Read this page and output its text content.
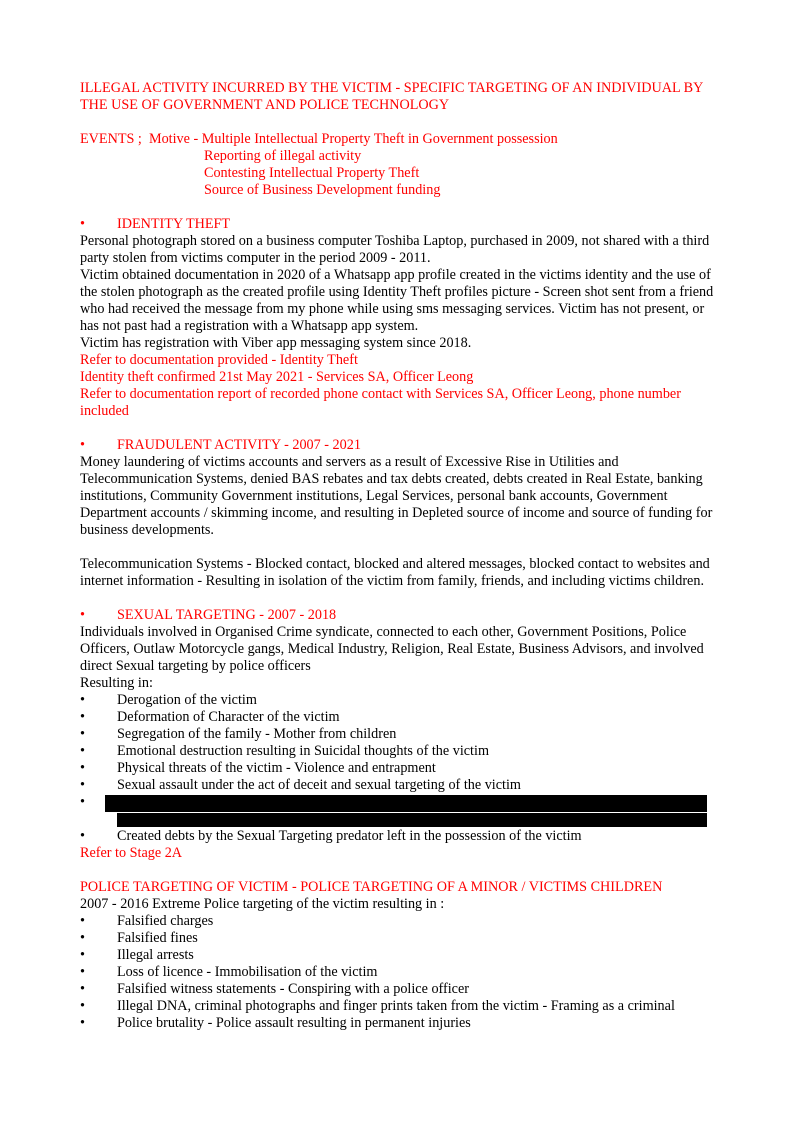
ILLEGAL ACTIVITY INCURRED BY THE VICTIM - SPECIFIC TARGETING OF AN INDIVIDUAL BY THE USE OF GOVERNMENT AND POLICE TECHNOLOGY
EVENTS ;
Motive -
Multiple Intellectual Property Theft in Government possession
Reporting of illegal activity
Contesting Intellectual Property Theft
Source of Business Development funding
•	IDENTITY THEFT

Personal photograph stored on a business computer Toshiba Laptop, purchased in 2009, not shared with a third party stolen from victims computer in the period 2009 - 2011.

Victim obtained documentation in 2020 of a Whatsapp app profile created in the victims identity and the use of the stolen photograph as the created profile using Identity Theft profiles picture - Screen shot sent from a friend who had received the message from my phone while using sms messaging services. Victim has not present, or has not past had a registration with a Whatsapp app system.

Victim has registration with Viber app messaging system since 2018.

Refer to documentation provided - Identity Theft

Identity theft confirmed 21st May 2021 - Services SA, Officer Leong

Refer to documentation report of recorded phone contact with Services SA, Officer Leong, phone number included

•	FRAUDULENT ACTIVITY - 2007 - 2021

Money laundering of victims accounts and servers as a result of Excessive Rise in Utilities and Telecommunication Systems, denied BAS rebates and tax debts created, debts created in Real Estate, banking institutions, Community Government institutions, Legal Services, personal bank accounts, Government Department accounts / skimming income, and resulting in Depleted source of income and source of funding for business developments.

Telecommunication Systems - Blocked contact, blocked and altered messages, blocked contact to websites and internet information - Resulting in isolation of the victim from family, friends, and including victims children.

•	SEXUAL TARGETING - 2007 - 2018

Individuals involved in Organised Crime syndicate, connected to each other, Government Positions, Police Officers, Outlaw Motorcycle gangs, Medical Industry, Religion, Real Estate, Business Advisors, and involved direct Sexual targeting by police officers

Resulting in:

•	Derogation of the victim
•	Deformation of Character of the victim
•	Segregation of the family - Mother from children
•	Emotional destruction resulting in Suicidal thoughts of the victim
•	Physical threats of the victim - Violence and entrapment
•	Sexual assault under the act of deceit and sexual targeting of the victim
•
•	Created debts by the Sexual Targeting predator left in the possession of the victim

Refer to Stage 2A

POLICE TARGETING OF VICTIM - POLICE TARGETING OF A MINOR / VICTIMS CHILDREN

2007 - 2016 Extreme Police targeting of the victim resulting in :

•	Falsified charges
•	Falsified fines
•	Illegal arrests
•	Loss of licence - Immobilisation of the victim
•	Falsified witness statements - Conspiring with a police officer
•	Illegal DNA, criminal photographs and finger prints taken from the victim - Framing as a criminal
•	Police brutality - Police assault resulting in permanent injuries
